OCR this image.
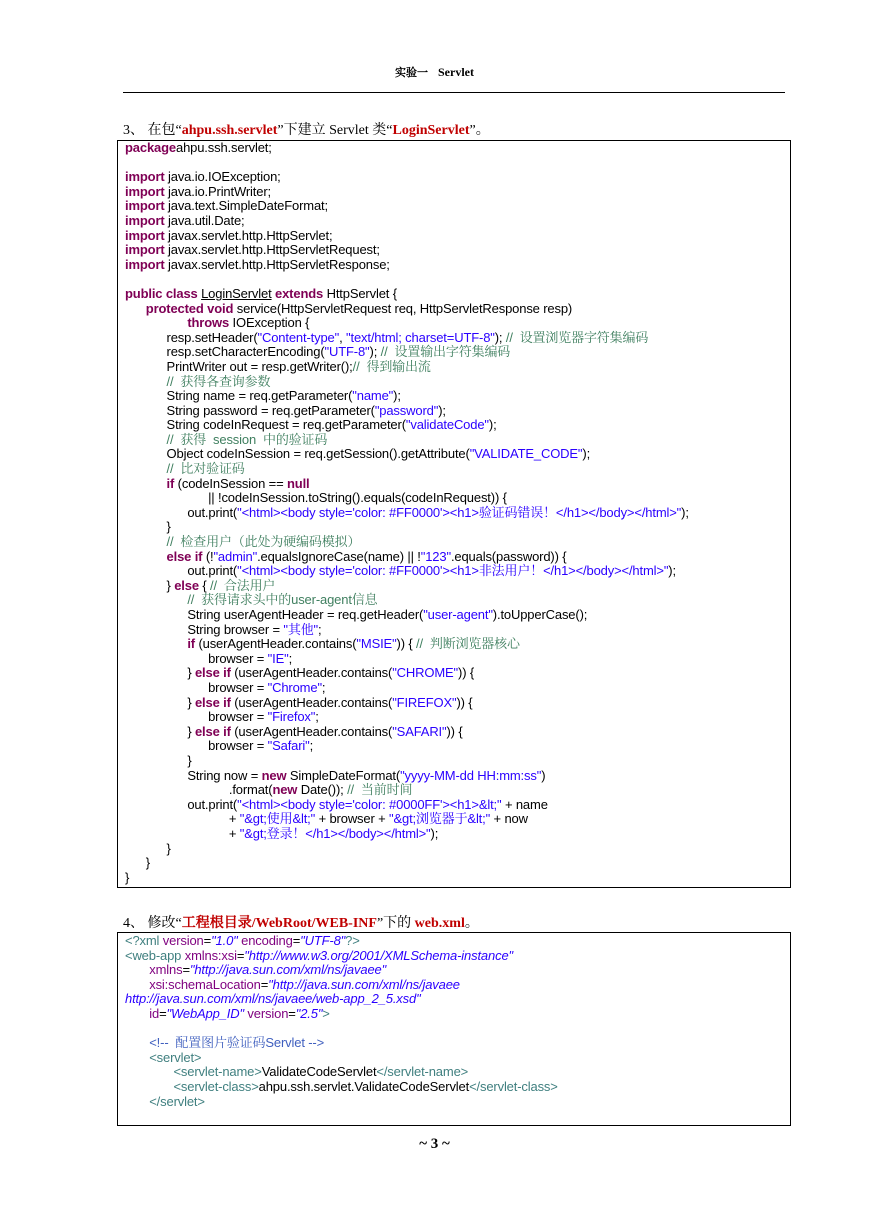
实验一 Servlet
3、 在包“ahpu.ssh.servlet”下建立 Servlet 类“LoginServlet”。
packageahpu.ssh.servlet;

import java.io.IOException;
import java.io.PrintWriter;
import java.text.SimpleDateFormat;
import java.util.Date;
import javax.servlet.http.HttpServlet;
import javax.servlet.http.HttpServletRequest;
import javax.servlet.http.HttpServletResponse;

public class LoginServlet extends HttpServlet {
protected void service(HttpServletRequest req, HttpServletResponse resp)
throws IOException {
resp.setHeader("Content-type", "text/html; charset=UTF-8"); //  设置浏览器字符集编码
resp.setCharacterEncoding("UTF-8"); //  设置输出字符集编码
PrintWriter out = resp.getWriter();//  得到输出流
//  获得各查询参数
String name = req.getParameter("name");
String password = req.getParameter("password");
String codeInRequest = req.getParameter("validateCode");
//  获得  session  中的验证码
Object codeInSession = req.getSession().getAttribute("VALIDATE_CODE");
//  比对验证码
if (codeInSession == null
|| !codeInSession.toString().equals(codeInRequest)) {
out.print("<html><body style='color: #FF0000'><h1>验证码错误！</h1></body></html>");
}
//  检查用户（此处为硬编码模拟）
else if (!"admin".equalsIgnoreCase(name) || !"123".equals(password)) {
out.print("<html><body style='color: #FF0000'><h1>非法用户！</h1></body></html>");
} else { //  合法用户
//  获得请求头中的user-agent信息
String userAgentHeader = req.getHeader("user-agent").toUpperCase();
String browser = "其他";
if (userAgentHeader.contains("MSIE")) { //  判断浏览器核心
browser = "IE";
} else if (userAgentHeader.contains("CHROME")) {
browser = "Chrome";
} else if (userAgentHeader.contains("FIREFOX")) {
browser = "Firefox";
} else if (userAgentHeader.contains("SAFARI")) {
browser = "Safari";
}
String now = new SimpleDateFormat("yyyy-MM-dd HH:mm:ss")
.format(new Date()); //  当前时间
out.print("<html><body style='color: #0000FF'><h1>&lt;" + name
+ "&gt;使用&lt;" + browser + "&gt;浏览器于&lt;" + now
+ "&gt;登录！</h1></body></html>");
}
}
}
4、 修改“工程根目录/WebRoot/WEB-INF”下的 web.xml。
<?xml version="1.0" encoding="UTF-8"?>
<web-app xmlns:xsi="http://www.w3.org/2001/XMLSchema-instance"
xmlns="http://java.sun.com/xml/ns/javaee"
xsi:schemaLocation="http://java.sun.com/xml/ns/javaee
http://java.sun.com/xml/ns/javaee/web-app_2_5.xsd"
id="WebApp_ID" version="2.5">

<!--  配置图片验证码Servlet -->
<servlet>
<servlet-name>ValidateCodeServlet</servlet-name>
<servlet-class>ahpu.ssh.servlet.ValidateCodeServlet</servlet-class>
</servlet>
~ 3 ~
